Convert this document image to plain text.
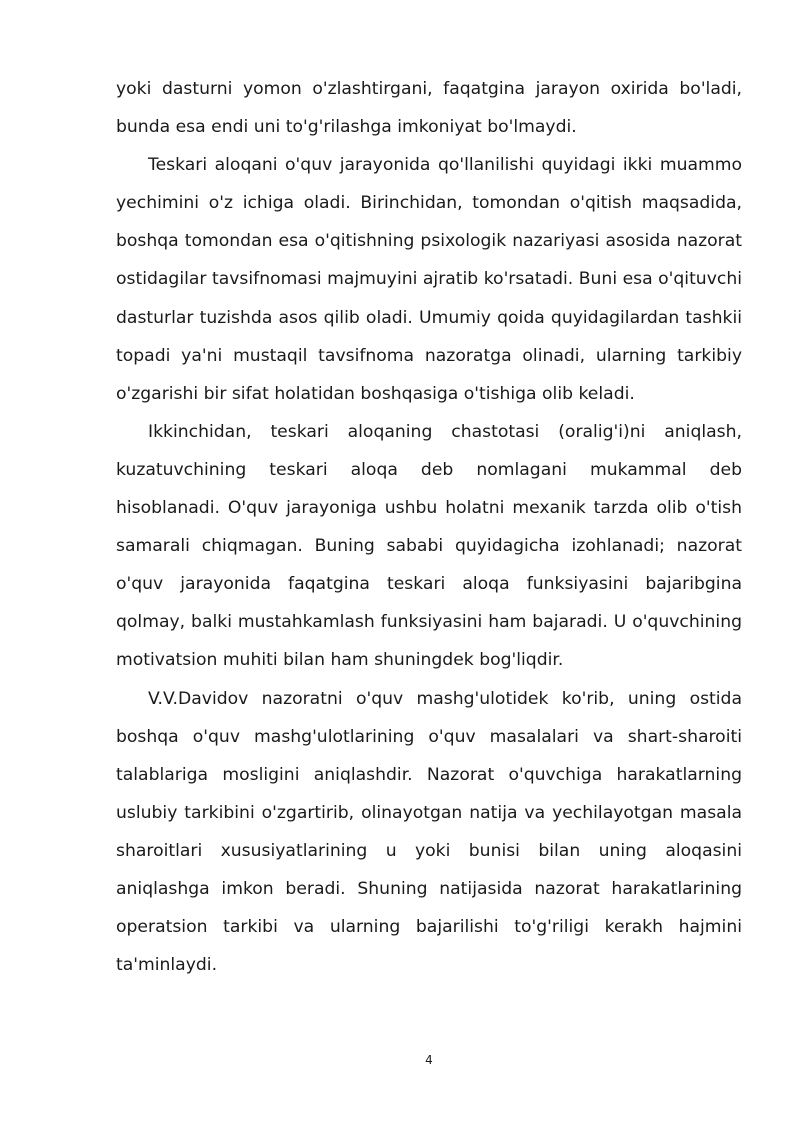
yoki dasturni yomon o'zlashtirgani, faqatgina jarayon oxirida bo'ladi, bunda esa endi uni to'g'rilashga imkoniyat bo'lmaydi.

Teskari aloqani o'quv jarayonida qo'llanilishi quyidagi ikki muammo yechimini o'z ichiga oladi. Birinchidan, tomondan o'qitish maqsadida, boshqa tomondan esa o'qitishning psixologik nazariyasi asosida nazorat ostidagilar tavsifnomasi majmuyini ajratib ko'rsatadi. Buni esa o'qituvchi dasturlar tuzishda asos qilib oladi. Umumiy qoida quyidagilardan tashkii topadi ya'ni mustaqil tavsifnoma nazoratga olinadi, ularning tarkibiy o'zgarishi bir sifat holatidan boshqasiga o'tishiga olib keladi.

Ikkinchidan, teskari aloqaning chastotasi (oralig'i)ni aniqlash, kuzatuvchining teskari aloqa deb nomlagani mukammal deb hisoblanadi. O'quv jarayoniga ushbu holatni mexanik tarzda olib o'tish samarali chiqmagan. Buning sababi quyidagicha izohlanadi; nazorat o'quv jarayonida faqatgina teskari aloqa funksiyasini bajaribgina qolmay, balki mustahkamlash funksiyasini ham bajaradi. U o'quvchining motivatsion muhiti bilan ham shuningdek bog'liqdir.

V.V.Davidov nazoratni o'quv mashg'ulotidek ko'rib, uning ostida boshqa o'quv mashg'ulotlarining o'quv masalalari va shart-sharoiti talablariga mosligini aniqlashdir. Nazorat o'quvchiga harakatlarning uslubiy tarkibini o'zgartirib, olinayotgan natija va yechilayotgan masala sharoitlari xususiyatlarining u yoki bunisi bilan uning aloqasini aniqlashga imkon beradi. Shuning natijasida nazorat harakatlarining operatsion tarkibi va ularning bajarilishi to'g'riligi kerakh hajmini ta'minlaydi.

4
